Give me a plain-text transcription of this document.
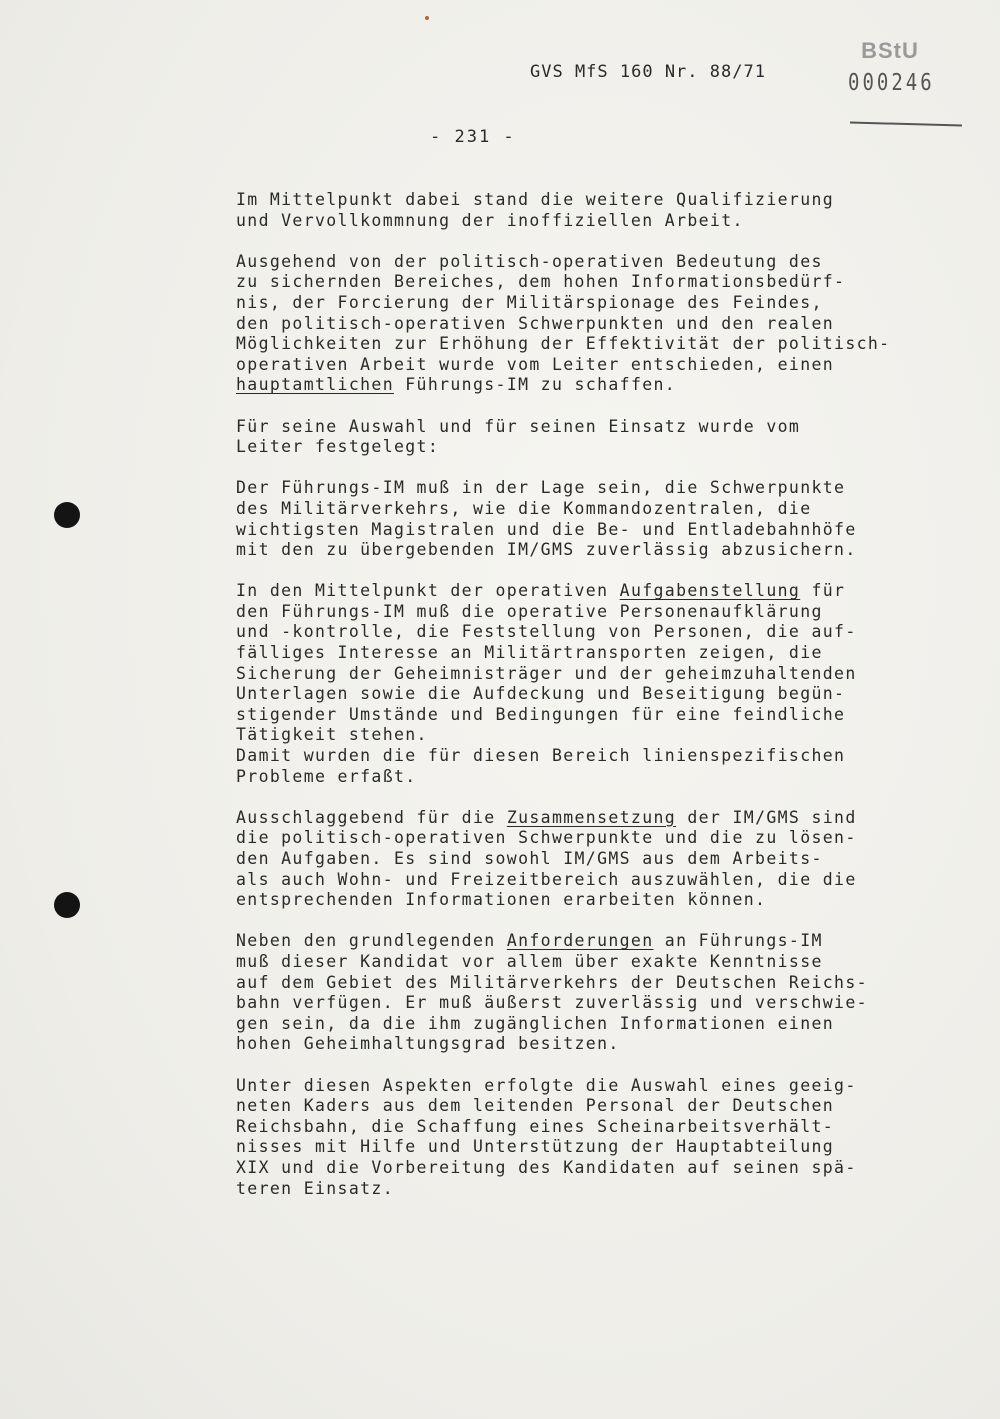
GVS MfS 160 Nr. 88/71
BStU
000246
- 231 -
Im Mittelpunkt dabei stand die weitere Qualifizierung
und Vervollkommnung der inoffiziellen Arbeit.
Ausgehend von der politisch-operativen Bedeutung des
zu sichernden Bereiches, dem hohen Informationsbedürf-
nis, der Forcierung der Militärspionage des Feindes,
den politisch-operativen Schwerpunkten und den realen
Möglichkeiten zur Erhöhung der Effektivität der politisch-
operativen Arbeit wurde vom Leiter entschieden, einen
hauptamtlichen Führungs-IM zu schaffen.
Für seine Auswahl und für seinen Einsatz wurde vom
Leiter festgelegt:
Der Führungs-IM muß in der Lage sein, die Schwerpunkte
des Militärverkehrs, wie die Kommandozentralen, die
wichtigsten Magistralen und die Be- und Entladebahnhöfe
mit den zu übergebenden IM/GMS zuverlässig abzusichern.
In den Mittelpunkt der operativen Aufgabenstellung für
den Führungs-IM muß die operative Personenaufklärung
und -kontrolle, die Feststellung von Personen, die auf-
fälliges Interesse an Militärtransporten zeigen, die
Sicherung der Geheimnisträger und der geheimzuhaltenden
Unterlagen sowie die Aufdeckung und Beseitigung begün-
stigender Umstände und Bedingungen für eine feindliche
Tätigkeit stehen.
Damit wurden die für diesen Bereich linienspezifischen
Probleme erfaßt.
Ausschlaggebend für die Zusammensetzung der IM/GMS sind
die politisch-operativen Schwerpunkte und die zu lösen-
den Aufgaben. Es sind sowohl IM/GMS aus dem Arbeits-
als auch Wohn- und Freizeitbereich auszuwählen, die die
entsprechenden Informationen erarbeiten können.
Neben den grundlegenden Anforderungen an Führungs-IM
muß dieser Kandidat vor allem über exakte Kenntnisse
auf dem Gebiet des Militärverkehrs der Deutschen Reichs-
bahn verfügen. Er muß äußerst zuverlässig und verschwie-
gen sein, da die ihm zugänglichen Informationen einen
hohen Geheimhaltungsgrad besitzen.
Unter diesen Aspekten erfolgte die Auswahl eines geeig-
neten Kaders aus dem leitenden Personal der Deutschen
Reichsbahn, die Schaffung eines Scheinarbeitsverhält-
nisses mit Hilfe und Unterstützung der Hauptabteilung
XIX und die Vorbereitung des Kandidaten auf seinen spä-
teren Einsatz.
